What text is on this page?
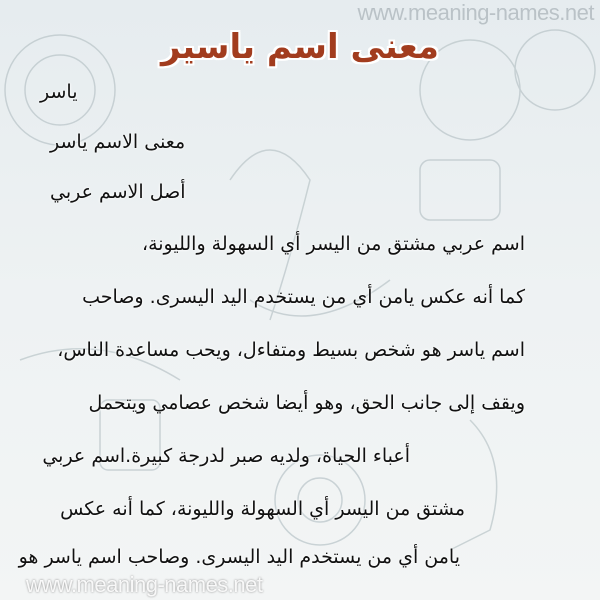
www.meaning-names.net
معنى اسم ياسير
ياسر
معنى الاسم ياسر
أصل الاسم عربي
اسم عربي مشتق من اليسر أي السهولة والليونة،
كما أنه عكس يامن أي من يستخدم اليد اليسرى. وصاحب
اسم ياسر هو شخص بسيط ومتفاءل، ويحب مساعدة الناس،
ويقف إلى جانب الحق، وهو أيضا شخص عصامي ويتحمل
أعباء الحياة، ولديه صبر لدرجة كبيرة.اسم عربي
مشتق من اليسر أي السهولة والليونة، كما أنه عكس
يامن أي من يستخدم اليد اليسرى. وصاحب اسم ياسر هو
www.meaning-names.net
